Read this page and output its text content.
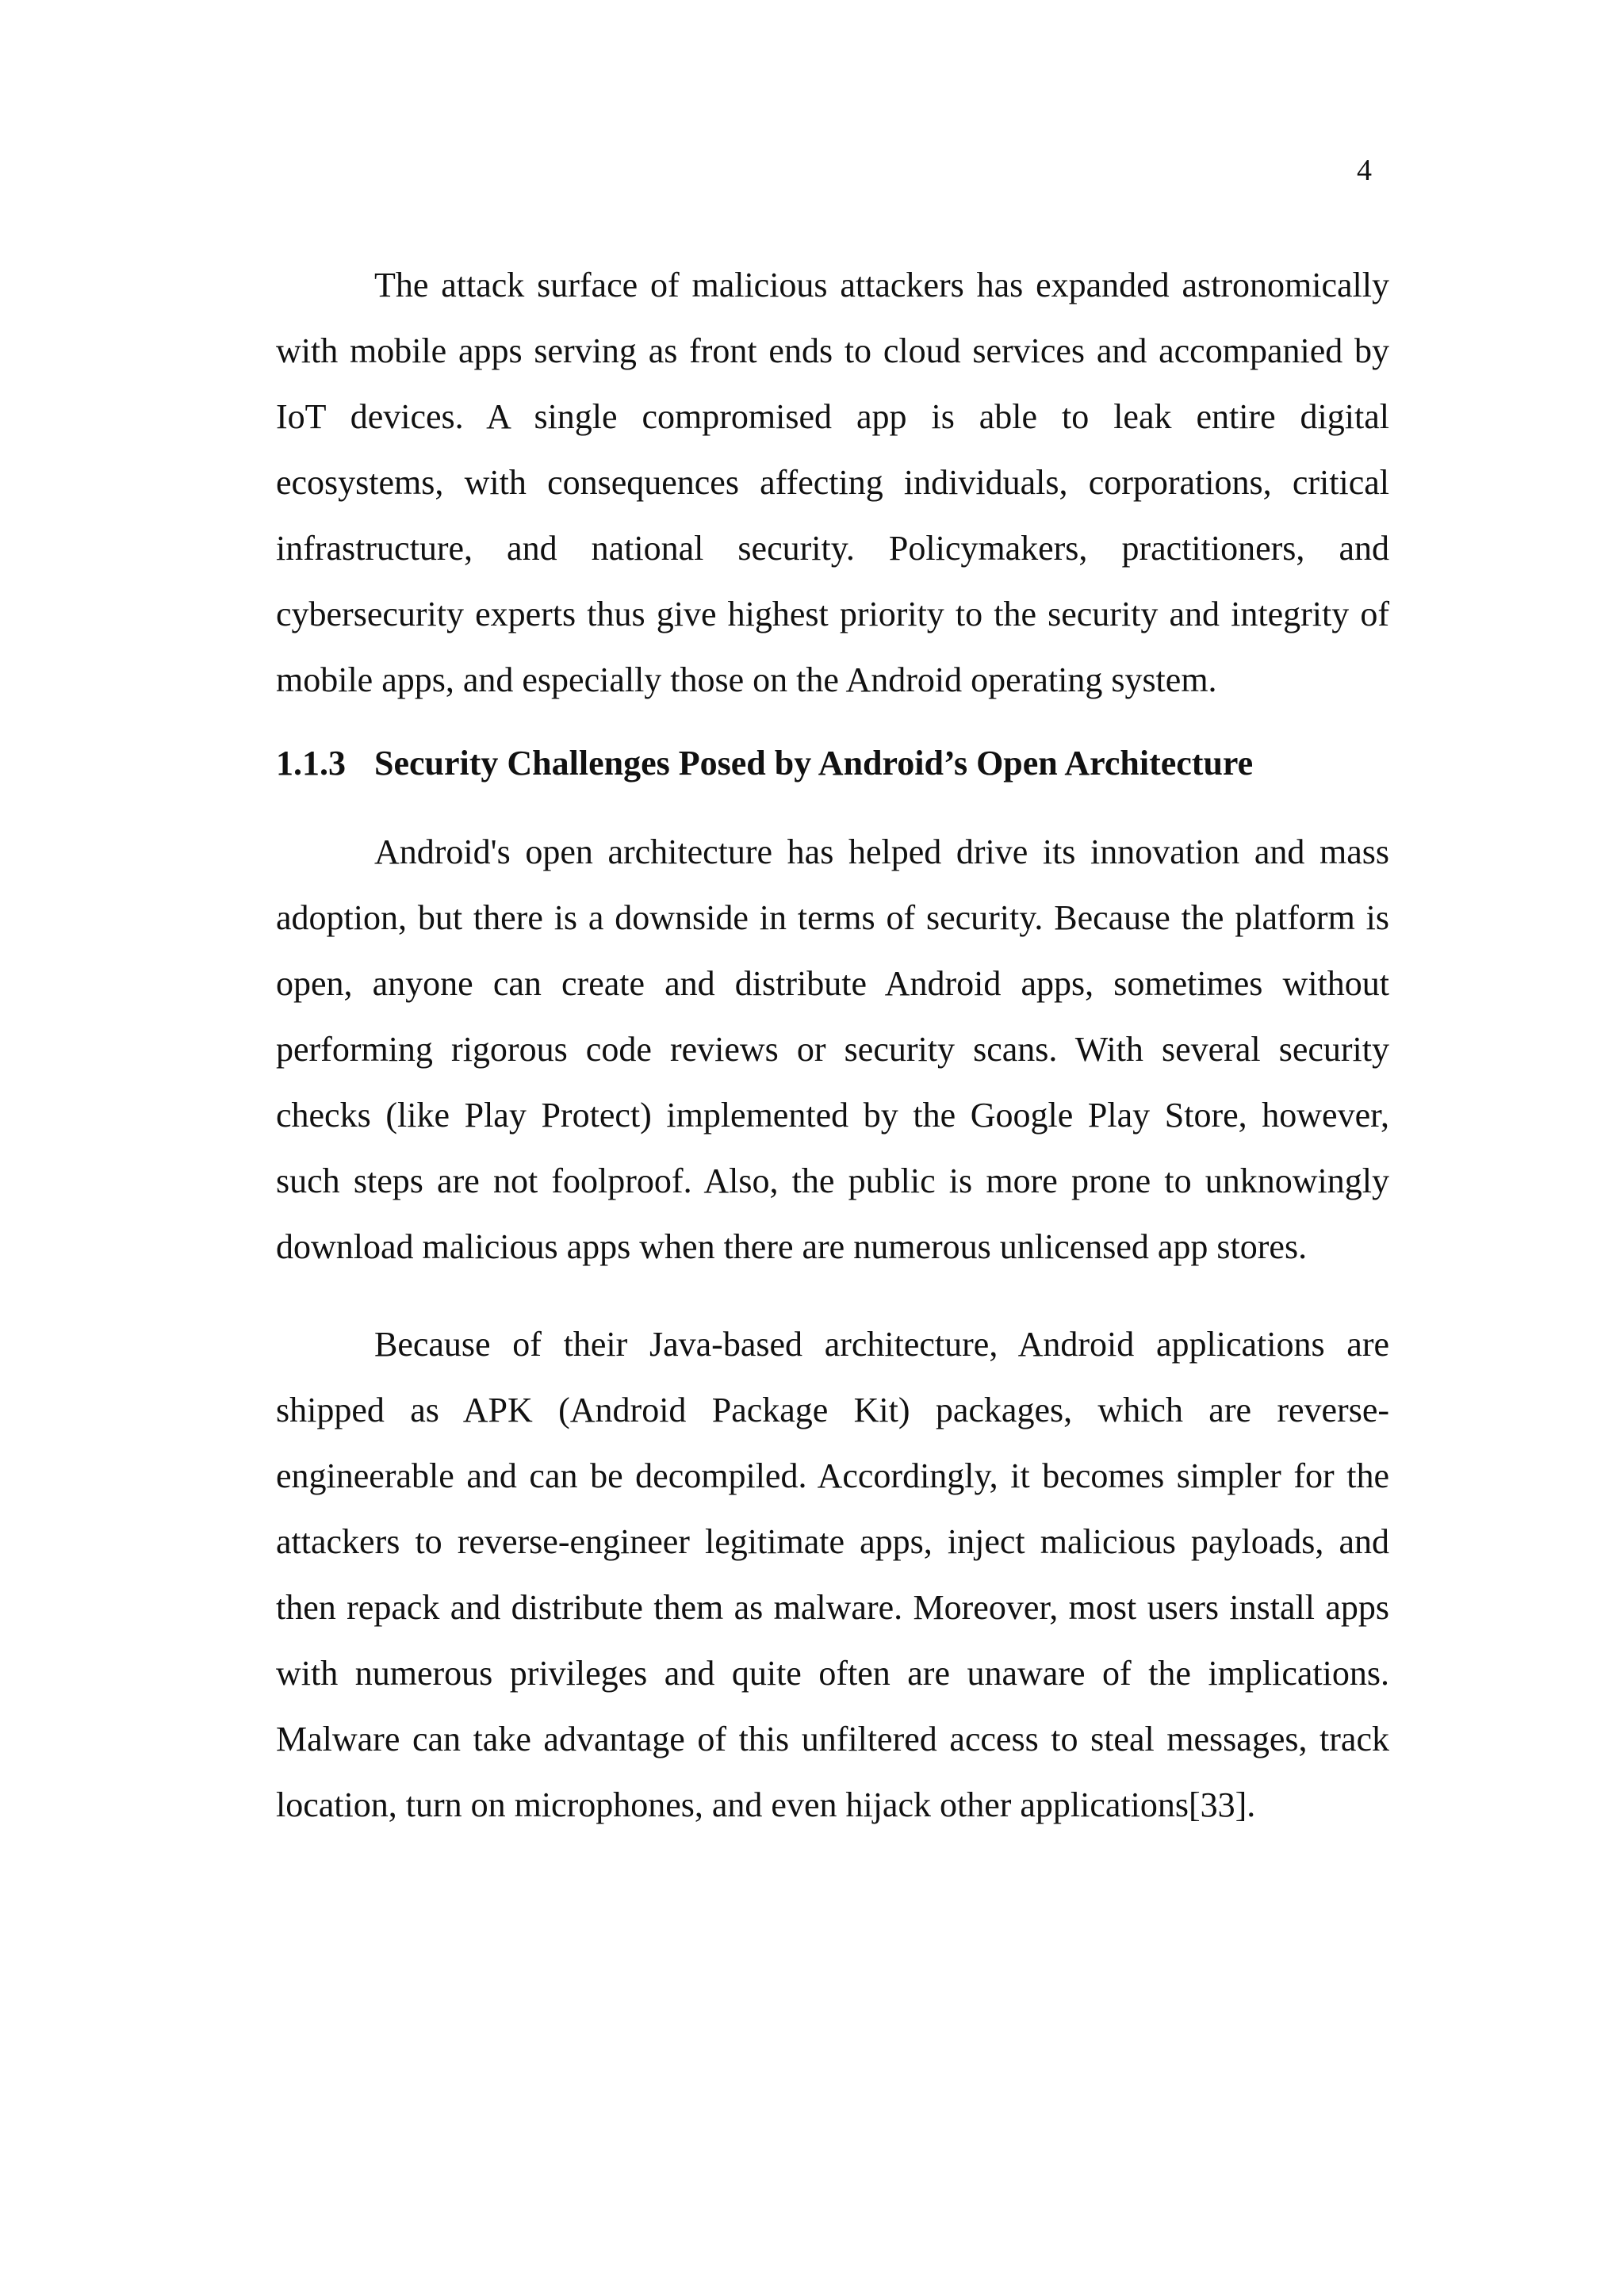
4

The attack surface of malicious attackers has expanded astronomically with mobile apps serving as front ends to cloud services and accompanied by IoT devices. A single compromised app is able to leak entire digital ecosystems, with consequences affecting individuals, corporations, critical infrastructure, and national security. Policymakers, practitioners, and cybersecurity experts thus give highest priority to the security and integrity of mobile apps, and especially those on the Android operating system.

1.1.3 Security Challenges Posed by Android’s Open Architecture

Android's open architecture has helped drive its innovation and mass adoption, but there is a downside in terms of security. Because the platform is open, anyone can create and distribute Android apps, sometimes without performing rigorous code reviews or security scans. With several security checks (like Play Protect) implemented by the Google Play Store, however, such steps are not foolproof. Also, the public is more prone to unknowingly download malicious apps when there are numerous unlicensed app stores.

Because of their Java-based architecture, Android applications are shipped as APK (Android Package Kit) packages, which are reverse-engineerable and can be decompiled. Accordingly, it becomes simpler for the attackers to reverse-engineer legitimate apps, inject malicious payloads, and then repack and distribute them as malware. Moreover, most users install apps with numerous privileges and quite often are unaware of the implications. Malware can take advantage of this unfiltered access to steal messages, track location, turn on microphones, and even hijack other applications[33].
